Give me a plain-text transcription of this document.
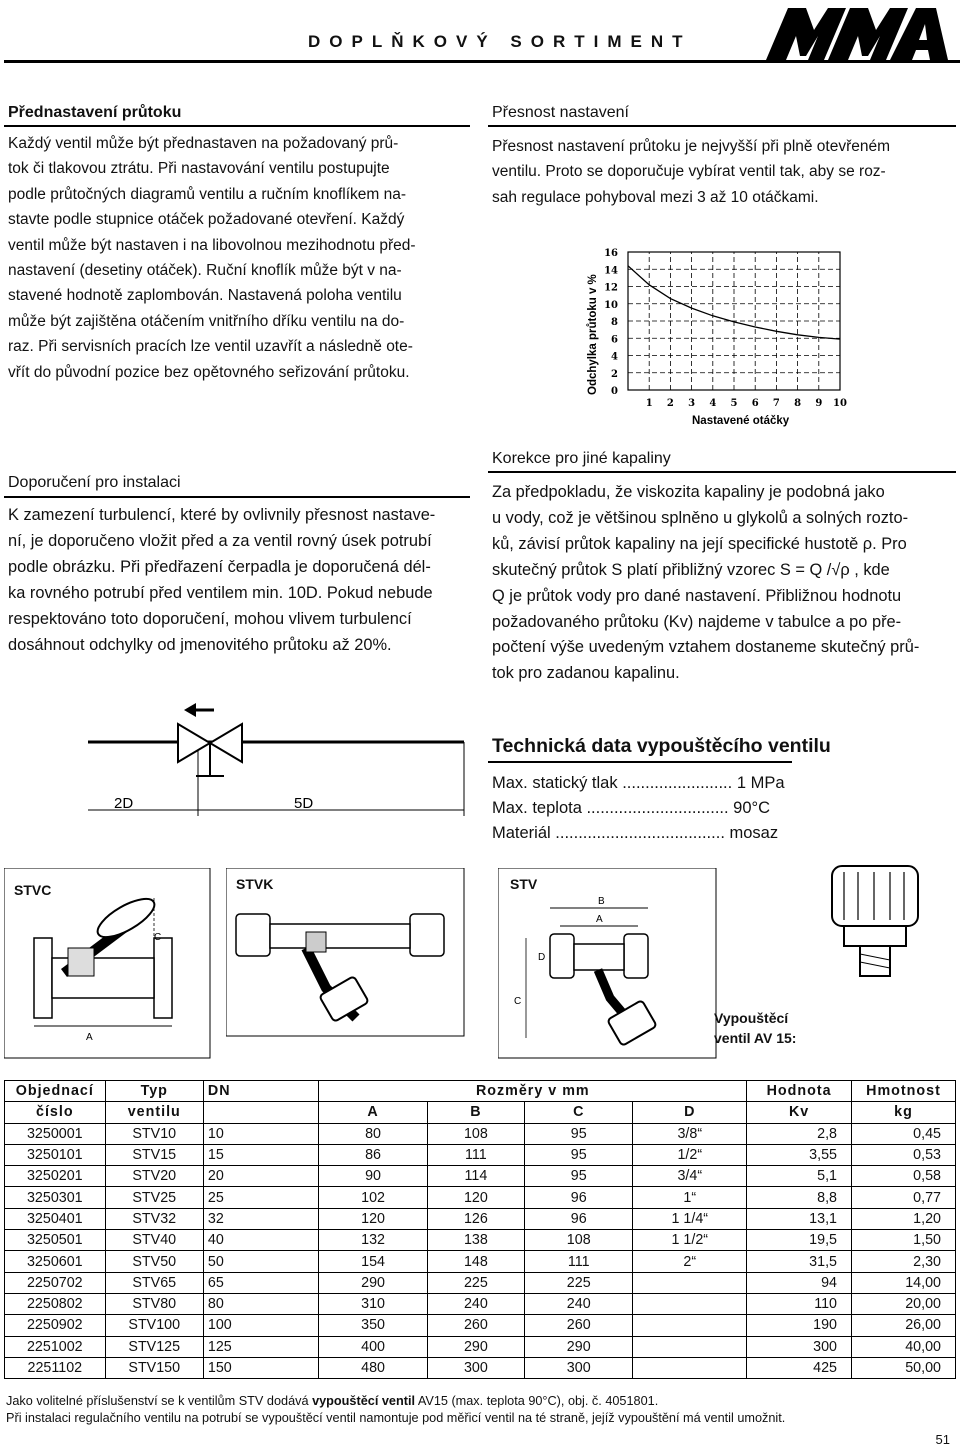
DOPLŇKOVÝ SORTIMENT
Přednastavení průtoku
Každý ventil může být přednastaven na požadovaný prů-
tok či tlakovou ztrátu. Při nastavování ventilu postupujte
podle průtočných diagramů ventilu a ručním knoflíkem na-
stavte podle stupnice otáček požadované otevření. Každý
ventil může být nastaven i na libovolnou mezihodnotu před-
nastavení (desetiny otáček). Ruční knoflík může být v na-
stavené hodnotě zaplombován. Nastavená poloha ventilu
může být zajištěna otáčením vnitřního dříku ventilu na do-
raz. Při servisních pracích lze ventil uzavřít a následně ote-
vřít do původní pozice bez opětovného seřizování průtoku.
Přesnost nastavení
Přesnost nastavení průtoku je nejvyšší při plně otevřeném
ventilu. Proto se doporučuje vybírat ventil tak, aby se roz-
sah regulace pohyboval mezi 3 až 10 otáčkami.
0
2
4
6
8
10
12
14
16
1 2 3 4 5 6 7 8 9 10
Odchylka průtoku v %
Nastavené otáčky
Doporučení pro instalaci
K zamezení turbulencí, které by ovlivnily přesnost nastave-
ní, je doporučeno vložit před a za ventil rovný úsek potrubí
podle obrázku. Při předřazení čerpadla je doporučená dél-
ka rovného potrubí před ventilem min. 10D. Pokud nebude
respektováno toto doporučení, mohou vlivem turbulencí
dosáhnout odchylky od jmenovitého průtoku až 20%.
Korekce pro jiné kapaliny
Za předpokladu, že viskozita kapaliny je podobná jako
u vody, což je většinou splněno u glykolů a solných rozto-
ků, závisí průtok kapaliny na její specifické hustotě ρ. Pro
skutečný průtok S platí přibližný vzorec S = Q /√ρ , kde
Q je průtok vody pro dané nastavení. Přibližnou hodnotu
požadovaného průtoku (Kv) najdeme v tabulce a po pře-
počtení výše uvedeným vztahem dostaneme skutečný prů-
tok pro zadanou kapalinu.
2D	5D
Technická data vypouštěcího ventilu
Max. statický tlak ........................ 1 MPa
Max. teplota ............................... 90°C
Materiál ..................................... mosaz
STVC
A
C
STVK	STV
B
A
D
C
Vypouštěcí
ventil AV 15:
Objednací	Typ	DN	Rozměry v mm				Hodnota	Hmotnost
číslo	ventilu		A	B	C	D	Kv	kg
3250001	STV10	10	80	108	95	3/8“	2,8	0,45
3250101	STV15	15	86	111	95	1/2“	3,55	0,53
3250201	STV20	20	90	114	95	3/4“	5,1	0,58
3250301	STV25	25	102	120	96	1“	8,8	0,77
3250401	STV32	32	120	126	96	1 1/4“	13,1	1,20
3250501	STV40	40	132	138	108	1 1/2“	19,5	1,50
3250601	STV50	50	154	148	111	2“	31,5	2,30
2250702	STV65	65	290	225	225		94	14,00
2250802	STV80	80	310	240	240		110	20,00
2250902	STV100	100	350	260	260		190	26,00
2251002	STV125	125	400	290	290		300	40,00
2251102	STV150	150	480	300	300		425	50,00
Jako volitelné příslušenství se k ventilům STV dodává vypouštěcí ventil AV15 (max. teplota 90°C), obj. č. 4051801.
Při instalaci regulačního ventilu na potrubí se vypouštěcí ventil namontuje pod měřicí ventil na té straně, jejíž vypouštění má ventil umožnit.
51
